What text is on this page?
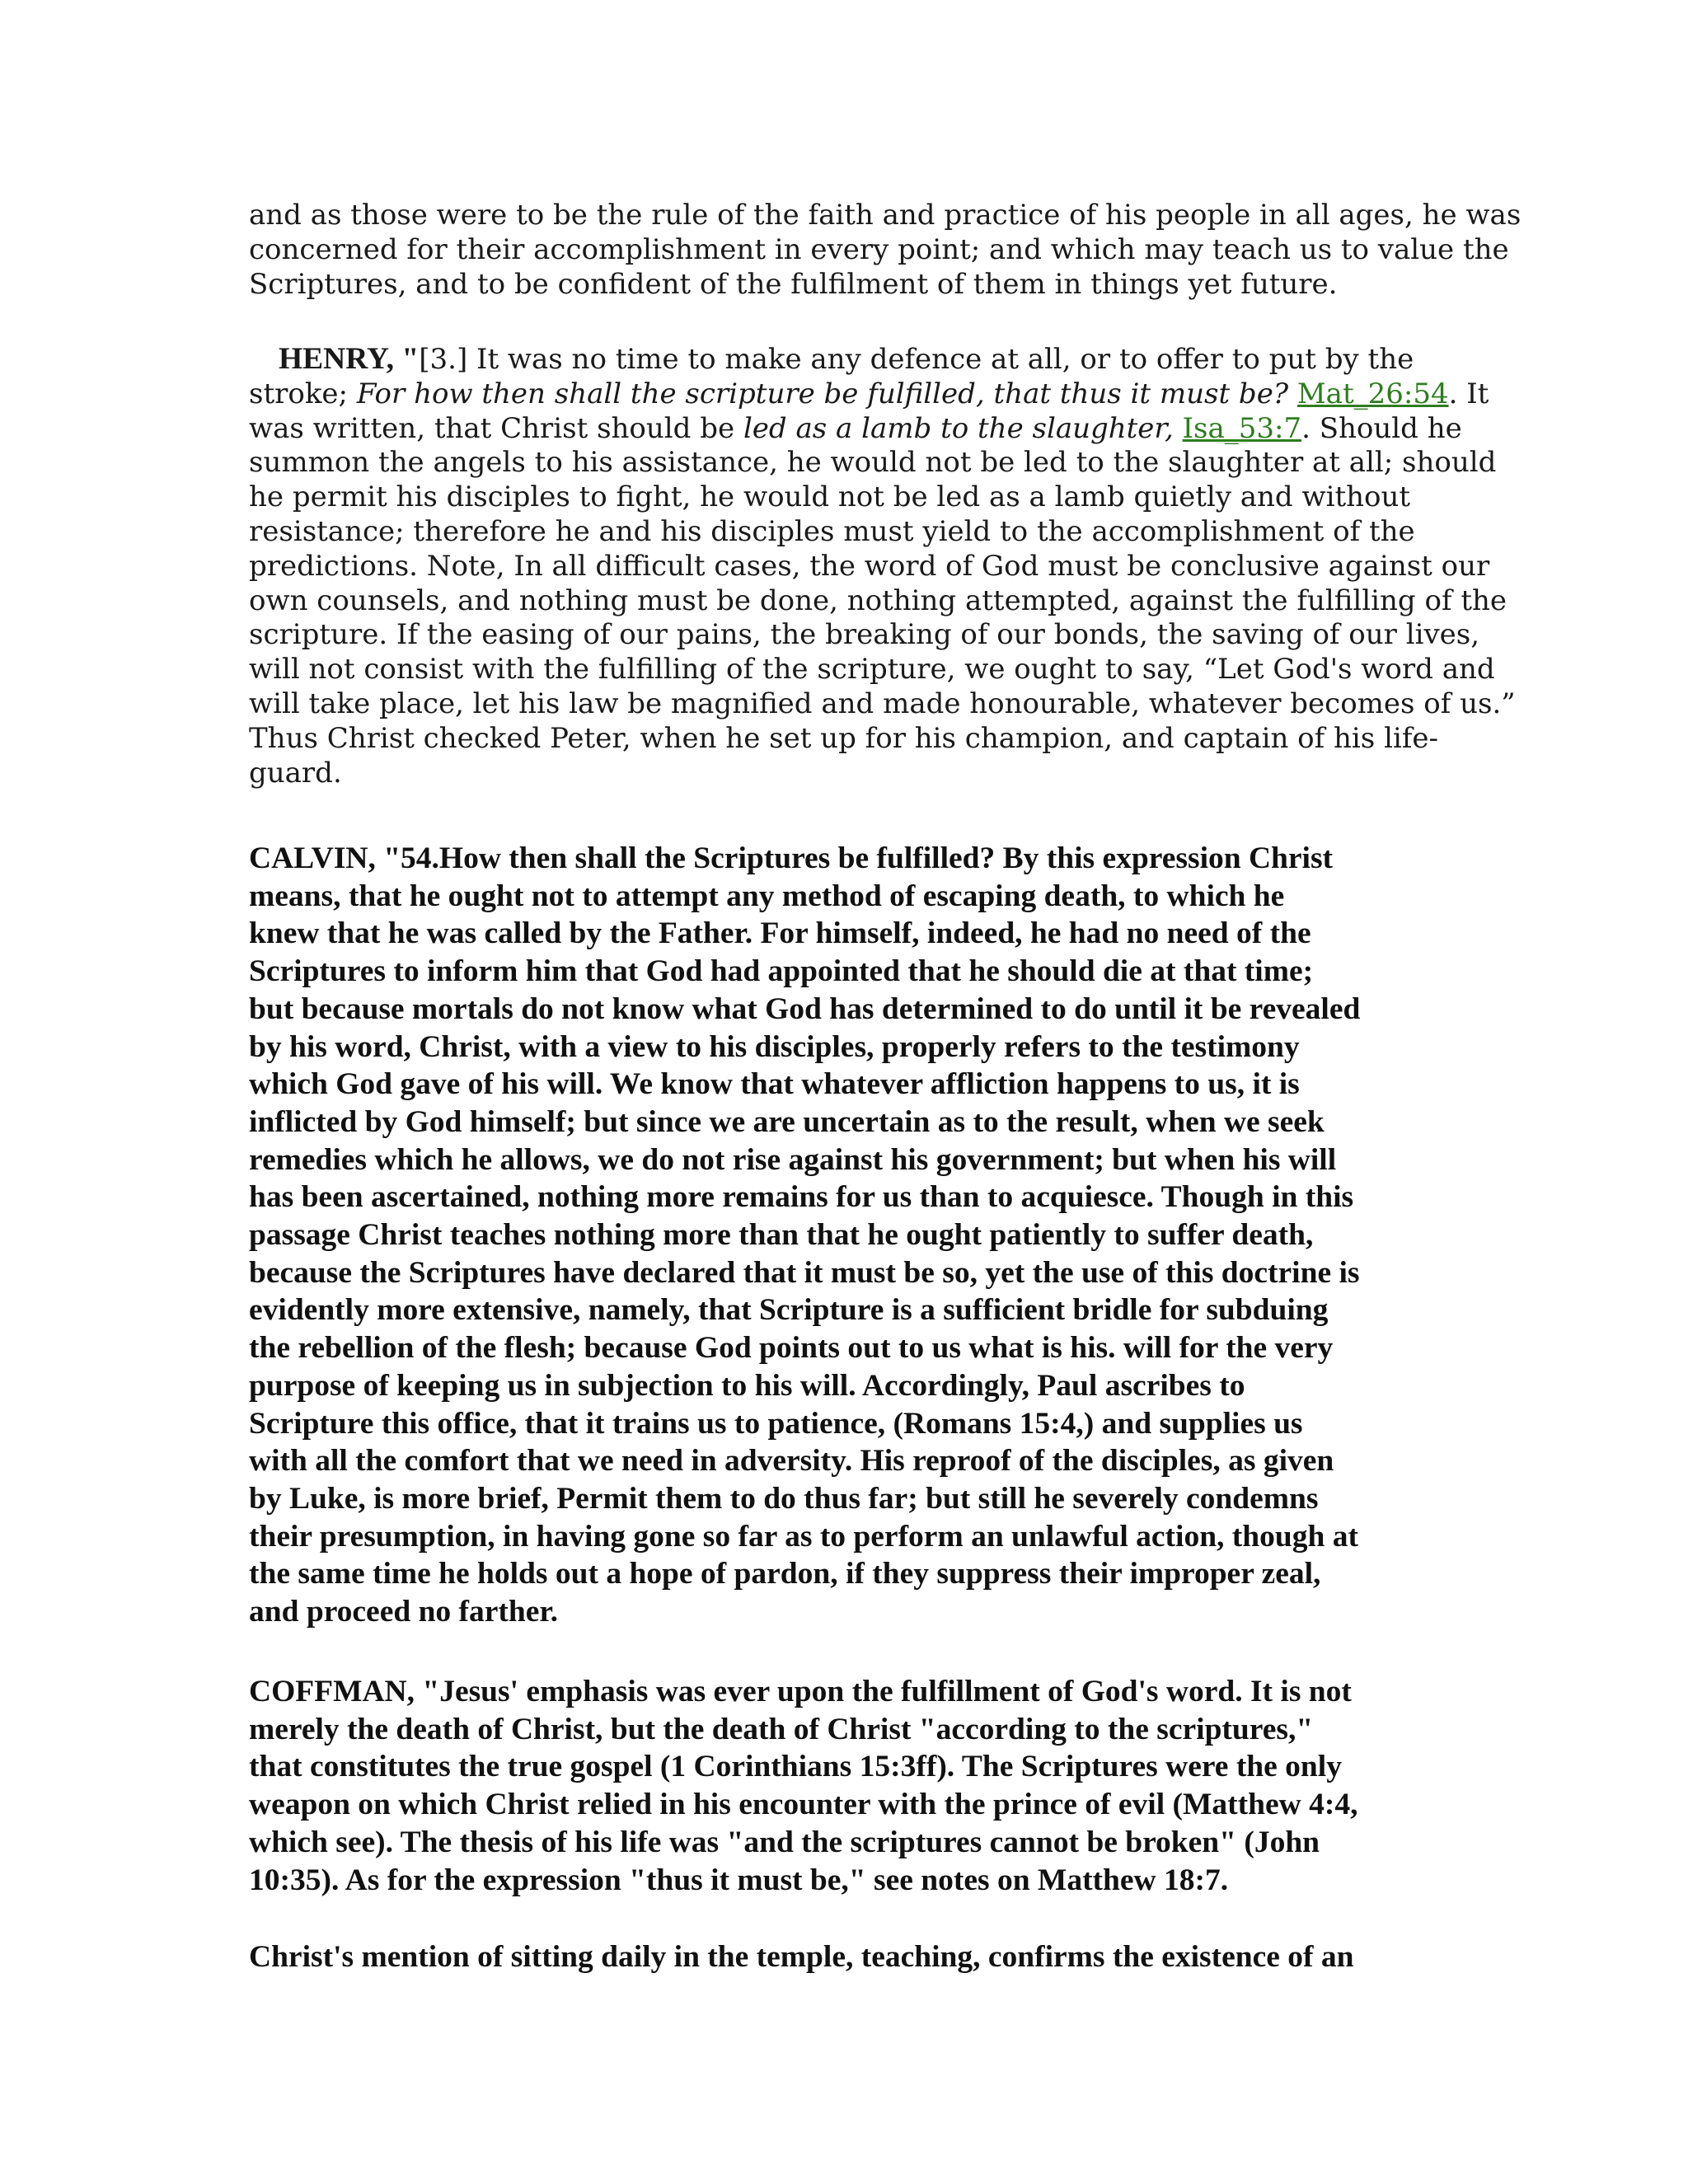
and as those were to be the rule of the faith and practice of his people in all ages, he was
concerned for their accomplishment in every point; and which may teach us to value the
Scriptures, and to be confident of the fulfilment of them in things yet future.
HENRY, "[3.] It was no time to make any defence at all, or to offer to put by the
stroke; For how then shall the scripture be fulfilled, that thus it must be? Mat_26:54. It
was written, that Christ should be led as a lamb to the slaughter, Isa_53:7. Should he
summon the angels to his assistance, he would not be led to the slaughter at all; should
he permit his disciples to fight, he would not be led as a lamb quietly and without
resistance; therefore he and his disciples must yield to the accomplishment of the
predictions. Note, In all difficult cases, the word of God must be conclusive against our
own counsels, and nothing must be done, nothing attempted, against the fulfilling of the
scripture. If the easing of our pains, the breaking of our bonds, the saving of our lives,
will not consist with the fulfilling of the scripture, we ought to say, “Let God's word and
will take place, let his law be magnified and made honourable, whatever becomes of us.”
Thus Christ checked Peter, when he set up for his champion, and captain of his life-
guard.
CALVIN, "54.How then shall the Scriptures be fulfilled? By this expression Christ
means, that he ought not to attempt any method of escaping death, to which he
knew that he was called by the Father. For himself, indeed, he had no need of the
Scriptures to inform him that God had appointed that he should die at that time;
but because mortals do not know what God has determined to do until it be revealed
by his word, Christ, with a view to his disciples, properly refers to the testimony
which God gave of his will. We know that whatever affliction happens to us, it is
inflicted by God himself; but since we are uncertain as to the result, when we seek
remedies which he allows, we do not rise against his government; but when his will
has been ascertained, nothing more remains for us than to acquiesce. Though in this
passage Christ teaches nothing more than that he ought patiently to suffer death,
because the Scriptures have declared that it must be so, yet the use of this doctrine is
evidently more extensive, namely, that Scripture is a sufficient bridle for subduing
the rebellion of the flesh; because God points out to us what is his. will for the very
purpose of keeping us in subjection to his will. Accordingly, Paul ascribes to
Scripture this office, that it trains us to patience, (Romans 15:4,) and supplies us
with all the comfort that we need in adversity. His reproof of the disciples, as given
by Luke, is more brief, Permit them to do thus far; but still he severely condemns
their presumption, in having gone so far as to perform an unlawful action, though at
the same time he holds out a hope of pardon, if they suppress their improper zeal,
and proceed no farther.
COFFMAN, "Jesus' emphasis was ever upon the fulfillment of God's word. It is not
merely the death of Christ, but the death of Christ "according to the scriptures,"
that constitutes the true gospel (1 Corinthians 15:3ff). The Scriptures were the only
weapon on which Christ relied in his encounter with the prince of evil (Matthew 4:4,
which see). The thesis of his life was "and the scriptures cannot be broken" (John
10:35). As for the expression "thus it must be," see notes on Matthew 18:7.
Christ's mention of sitting daily in the temple, teaching, confirms the existence of an
